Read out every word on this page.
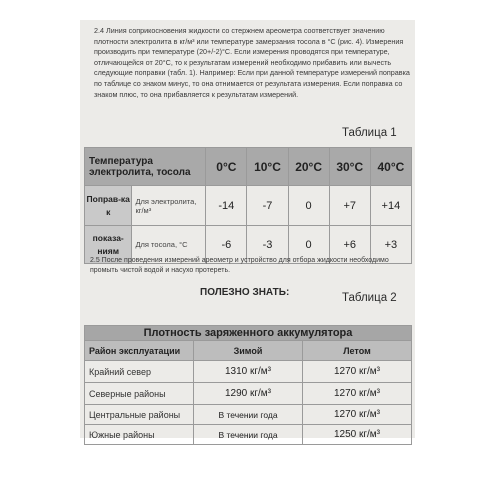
2.4 Линия соприкосновения жидкости со стержнем ареометра соответствует значению плотности электролита в кг/м³ или температуре замерзания тосола в °С (рис. 4). Измерения производить при температуре (20+/-2)°С. Если измерения проводятся при температуре, отличающейся от 20°С, то к результатам измерений необходимо прибавить или вычесть следующие поправки (табл. 1). Например: Если при данной температуре измерений поправка по таблице со знаком минус, то она отнимается от результата измерения. Если поправка со знаком плюс, то она прибавляется к результатам измерений.
Таблица 1
Температура электролита, тосола		0°C	10°C	20°C	30°C	40°C
Поправ-ка к	Для электролита, кг/м³	-14	-7	0	+7	+14
показа-ниям	Для тосола, °С	-6	-3	0	+6	+3
2.5 После проведения измерений ареометр и устройство для отбора жидкости необходимо промыть чистой водой и насухо протереть.
ПОЛЕЗНО ЗНАТЬ:	Таблица 2
Плотность заряженного аккумулятора		
Район эксплуатации	Зимой	Летом
Крайний север	1310 кг/м³	1270 кг/м³
Северные районы	1290 кг/м³	1270 кг/м³
Центральные районы	В течении года	1270 кг/м³
Южные районы	В течении года	1250 кг/м³
